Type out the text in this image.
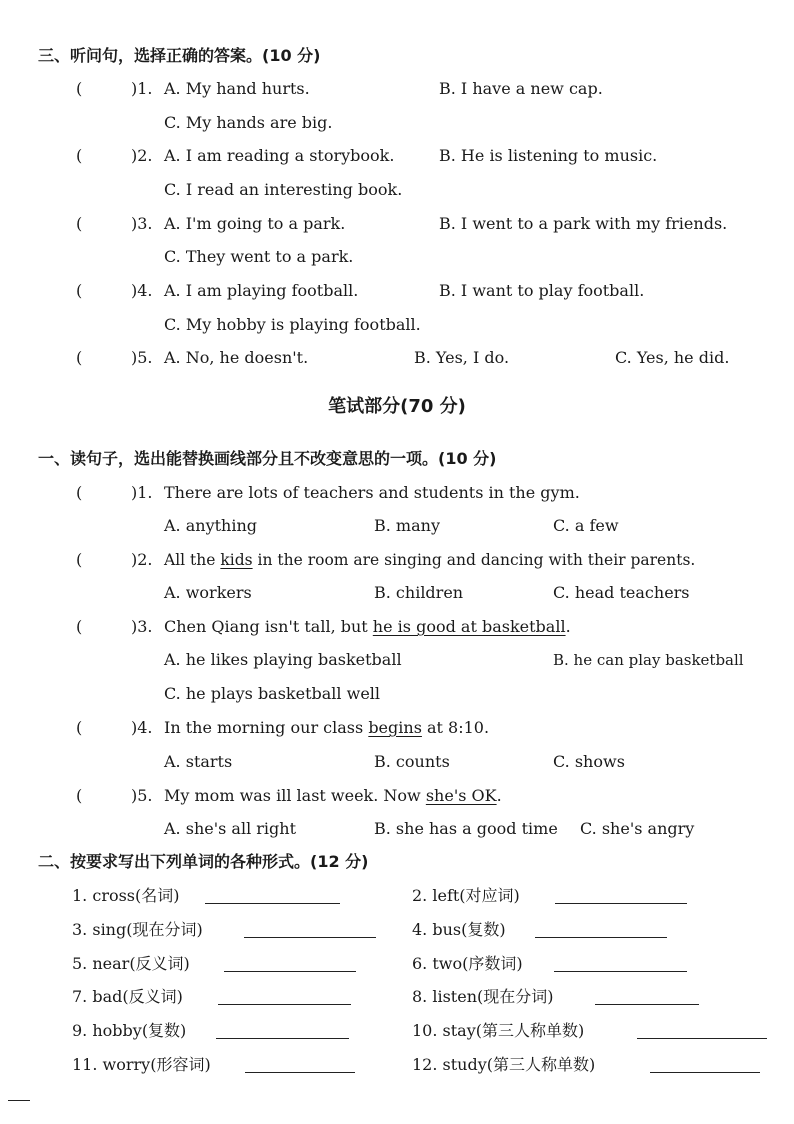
三、听问句，选择正确的答案。(10 分)
(	)1. A. My hand hurts.	B. I have a new cap.
C. My hands are big.
(	)2. A. I am reading a storybook.	B. He is listening to music.
C. I read an interesting book.
(	)3. A. I'm going to a park.	B. I went to a park with my friends.
C. They went to a park.
(	)4. A. I am playing football.	B. I want to play football.
C. My hobby is playing football.
(	)5. A. No, he doesn't.	B. Yes, I do.	C. Yes, he did.
笔试部分(70 分)
一、读句子，选出能替换画线部分且不改变意思的一项。(10 分)
(	)1. There are lots of teachers and students in the gym.
A. anything	B. many	C. a few
(	)2. All the kids in the room are singing and dancing with their parents.
A. workers	B. children	C. head teachers
(	)3. Chen Qiang isn't tall, but he is good at basketball.
A. he likes playing basketball	B. he can play basketball
C. he plays basketball well
(	)4. In the morning our class begins at 8:10.
A. starts	B. counts	C. shows
(	)5. My mom was ill last week. Now she's OK.
A. she's all right	B. she has a good time C. she's angry
二、按要求写出下列单词的各种形式。(12 分)
1. cross(名词)	2. left(对应词)
3. sing(现在分词)	4. bus(复数)
5. near(反义词)	6. two(序数词)
7. bad(反义词)	8. listen(现在分词)
9. hobby(复数)	10. stay(第三人称单数)
11. worry(形容词)	12. study(第三人称单数)
